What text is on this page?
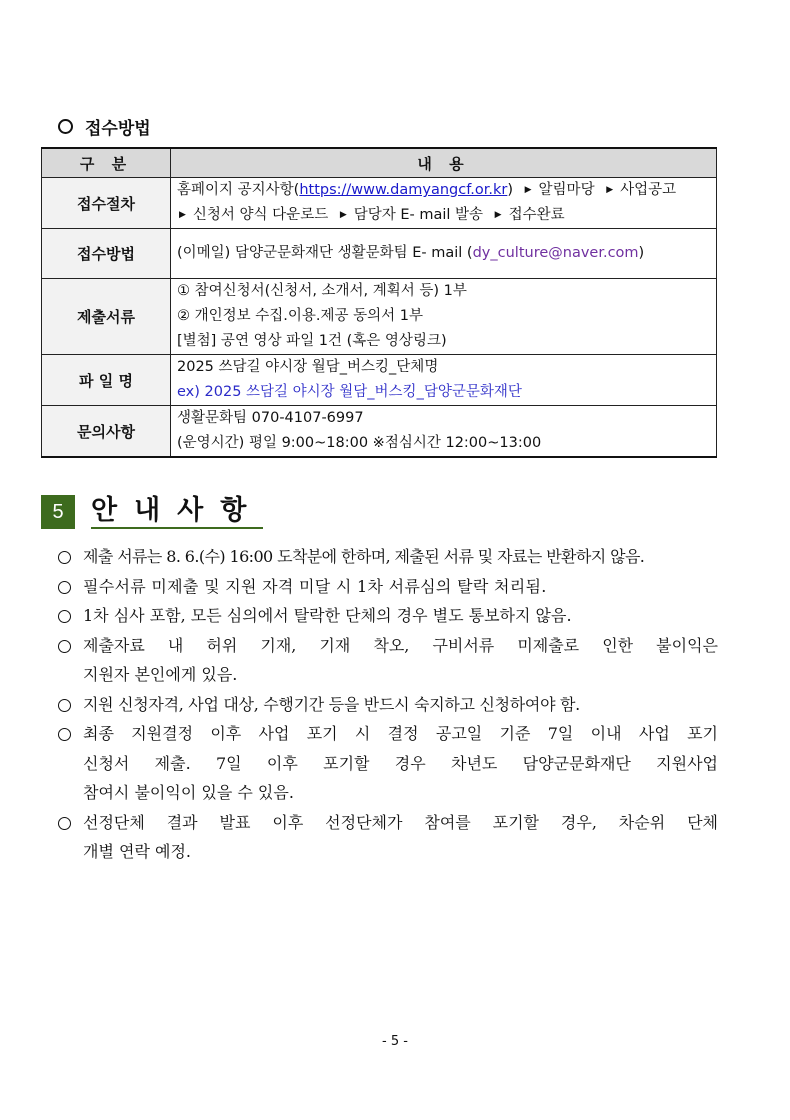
접수방법
구 분	내 용
접수절차	홈페이지 공지사항(https://www.damyangcf.or.kr) ▶ 알림마당 ▶ 사업공고
▶ 신청서 양식 다운로드 ▶ 담당자 E- mail 발송 ▶ 접수완료

접수방법	(이메일) 담양군문화재단 생활문화팀 E- mail (dy_culture@naver.com)

제출서류	① 참여신청서(신청서, 소개서, 계획서 등) 1부
② 개인정보 수집.이용.제공 동의서 1부
[별첨] 공연 영상 파일 1건 (혹은 영상링크)

파 일 명	2025 쓰담길 야시장 월담_버스킹_단체명
ex) 2025 쓰담길 야시장 월담_버스킹_담양군문화재단

문의사항	생활문화팀 070-4107-6997
(운영시간) 평일 9:00~18:00 ※점심시간 12:00~13:00
5	안내사항
제출 서류는 8. 6.(수) 16:00 도착분에 한하며, 제출된 서류 및 자료는 반환하지 않음.
필수서류 미제출 및 지원 자격 미달 시 1차 서류심의 탈락 처리됨.
1차 심사 포함, 모든 심의에서 탈락한 단체의 경우 별도 통보하지 않음.
제출자료 내 허위 기재, 기재 착오, 구비서류 미제출로 인한 불이익은
지원자 본인에게 있음.
지원 신청자격, 사업 대상, 수행기간 등을 반드시 숙지하고 신청하여야 함.
최종 지원결정 이후 사업 포기 시 결정 공고일 기준 7일 이내 사업 포기
신청서 제출. 7일 이후 포기할 경우 차년도 담양군문화재단 지원사업
참여시 불이익이 있을 수 있음.
선정단체 결과 발표 이후 선정단체가 참여를 포기할 경우, 차순위 단체
개별 연락 예정.
- 5 -
